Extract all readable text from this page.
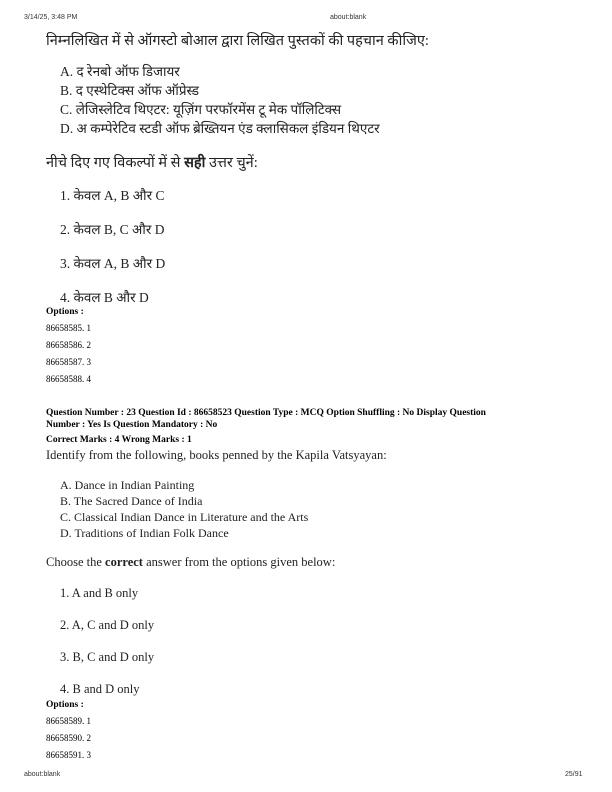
3/14/25, 3:48 PM	about:blank
निम्नलिखित में से ऑगस्टो बोआल द्वारा लिखित पुस्तकों की पहचान कीजिए:
A. द रेनबो ऑफ डिजायर
B. द एस्थेटिक्स ऑफ ऑप्रेस्ड
C. लेजिस्लेटिव थिएटर: यूज़िंग परफॉरमेंस टू मेक पॉलिटिक्स
D. अ कम्पेरेटिव स्टडी ऑफ ब्रेख्तियन एंड क्लासिकल इंडियन थिएटर
नीचे दिए गए विकल्पों में से सही उत्तर चुनें:
1. केवल A, B और C
2. केवल B, C और D
3. केवल A, B और D
4. केवल B और D
Options :
86658585. 1
86658586. 2
86658587. 3
86658588. 4
Question Number : 23 Question Id : 86658523 Question Type : MCQ Option Shuffling : No Display Question
Number : Yes Is Question Mandatory : No
Correct Marks : 4 Wrong Marks : 1
Identify from the following, books penned by the Kapila Vatsyayan:
A. Dance in Indian Painting
B. The Sacred Dance of India
C. Classical Indian Dance in Literature and the Arts
D. Traditions of Indian Folk Dance
Choose the correct answer from the options given below:
1. A and B only
2. A, C and D only
3. B, C and D only
4. B and D only
Options :
86658589. 1
86658590. 2
86658591. 3
about:blank	25/91
